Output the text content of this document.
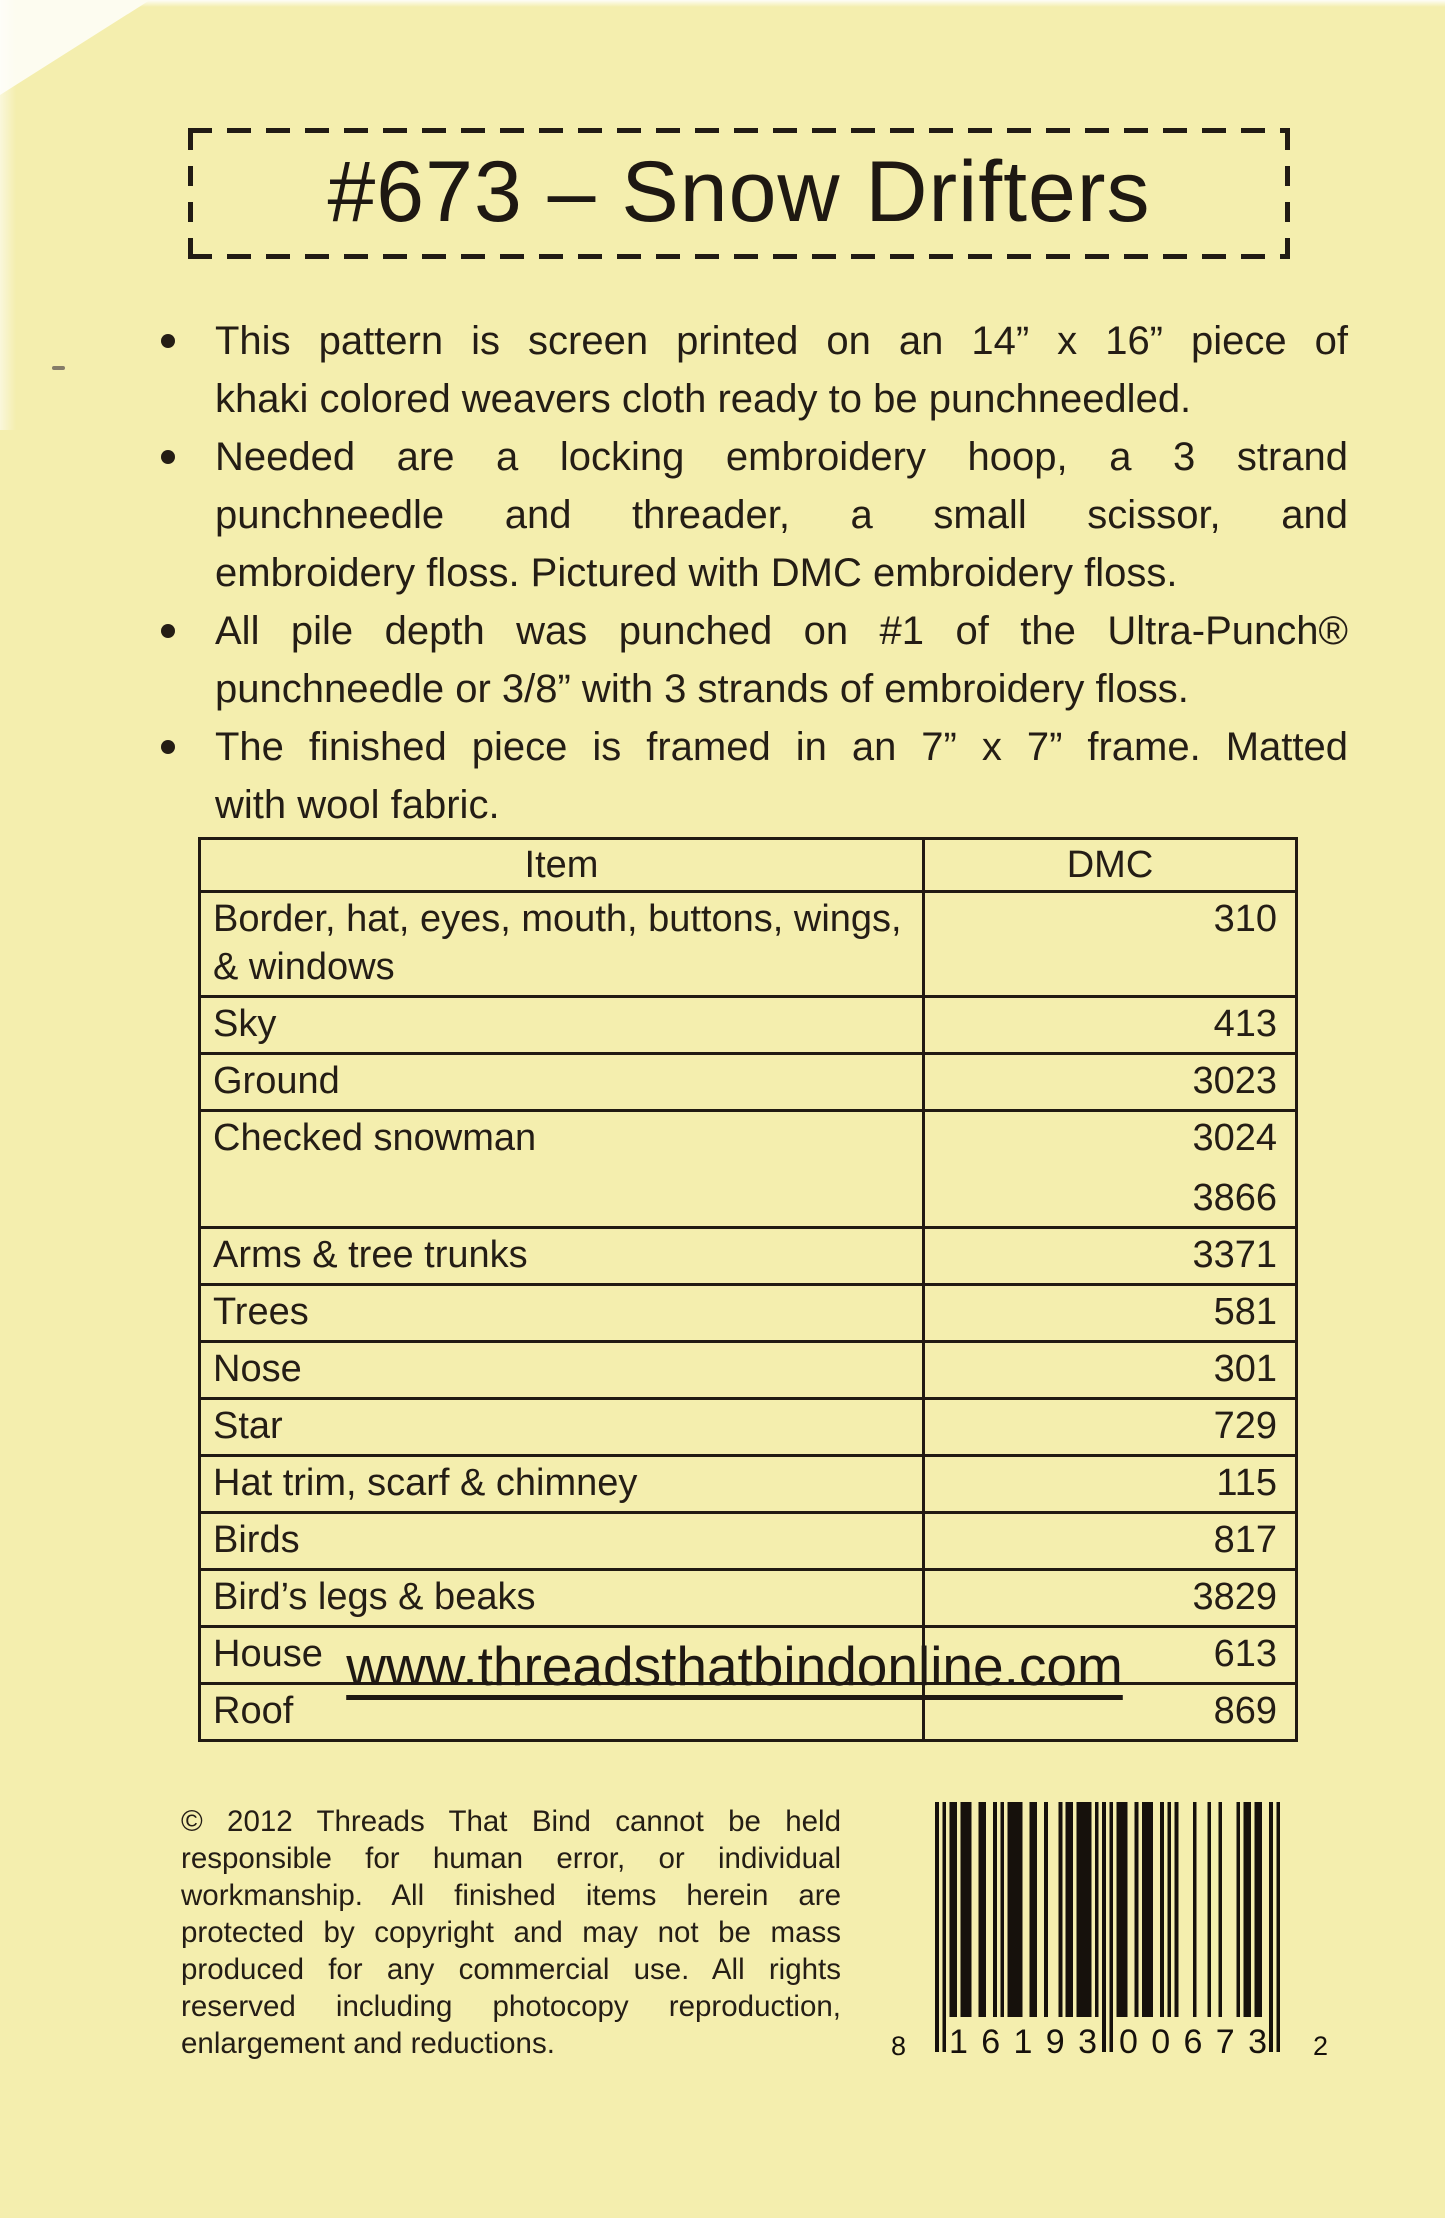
#673 – Snow Drifters
This pattern is screen printed on an 14” x 16” piece of
khaki colored weavers cloth ready to be punchneedled.
Needed are a locking embroidery hoop, a 3 strand
punchneedle and threader, a small scissor, and
embroidery floss. Pictured with DMC embroidery floss.
All pile depth was punched on #1 of the Ultra-Punch®
punchneedle or 3/8” with 3 strands of embroidery floss.
The finished piece is framed in an 7” x 7” frame. Matted
with wool fabric.
Item	DMC
Border, hat, eyes, mouth, buttons, wings, & windows	310

Sky	413

Ground	3023

Checked snowman	3024
3866

Arms & tree trunks	3371

Trees	581

Nose	301

Star	729

Hat trim, scarf & chimney	115

Birds	817

Bird’s legs & beaks	3829

House	613

Roof	869
www.threadsthatbindonline.com
© 2012 Threads That Bind cannot be held
responsible for human error, or individual
workmanship. All finished items herein are
protected by copyright and may not be mass
produced for any commercial use. All rights
reserved including photocopy reproduction,
enlargement and reductions.	8 1 6 1 9 3 0 0 6 7 3 2
